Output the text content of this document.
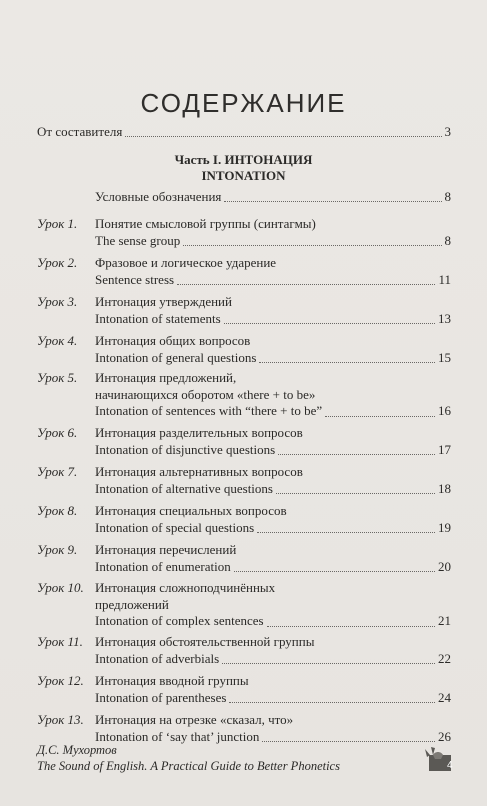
СОДЕРЖАНИЕ
От составителя	3
Часть I. ИНТОНАЦИЯ
INTONATION
Условные обозначения	8
Урок 1.	Понятие смысловой группы (синтагмы)
The sense group	8
Урок 2.	Фразовое и логическое ударение
Sentence stress	11
Урок 3.	Интонация утверждений
Intonation of statements	13
Урок 4.	Интонация общих вопросов
Intonation of general questions	15
Урок 5.	Интонация предложений,
начинающихся оборотом «there + to be»
Intonation of sentences with “there + to be”	16
Урок 6.	Интонация разделительных вопросов
Intonation of disjunctive questions	17
Урок 7.	Интонация альтернативных вопросов
Intonation of alternative questions	18
Урок 8.	Интонация специальных вопросов
Intonation of special questions	19
Урок 9.	Интонация перечислений
Intonation of enumeration	20
Урок 10. Интонация сложноподчинённых
предложений
Intonation of complex sentences	21
Урок 11. Интонация обстоятельственной группы
Intonation of adverbials	22
Урок 12. Интонация вводной группы
Intonation of parentheses	24
Урок 13. Интонация на отрезке «сказал, что»
Intonation of ‘say that’ junction	26
Д.С. Мухортов
The Sound of English. A Practical Guide to Better Phonetics	4
